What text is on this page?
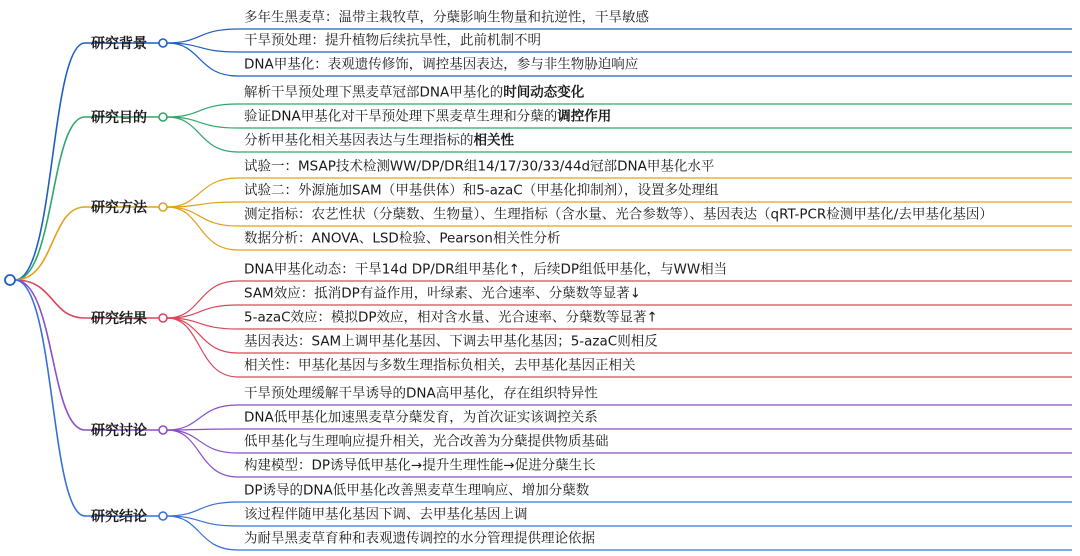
研究背景
多年生黑麦草：温带主栽牧草，分蘖影响生物量和抗逆性，干旱敏感
干旱预处理：提升植物后续抗旱性，此前机制不明
DNA甲基化：表观遗传修饰，调控基因表达，参与非生物胁迫响应
研究目的
解析干旱预处理下黑麦草冠部DNA甲基化的时间动态变化
验证DNA甲基化对干旱预处理下黑麦草生理和分蘖的调控作用
分析甲基化相关基因表达与生理指标的相关性
研究方法
试验一：MSAP技术检测WW/DP/DR组14/17/30/33/44d冠部DNA甲基化水平
试验二：外源施加SAM（甲基供体）和5-azaC（甲基化抑制剂），设置多处理组
测定指标：农艺性状（分蘖数、生物量）、生理指标（含水量、光合参数等）、基因表达（qRT-PCR检测甲基化/去甲基化基因）
数据分析：ANOVA、LSD检验、Pearson相关性分析
研究结果
DNA甲基化动态：干旱14d DP/DR组甲基化↑，后续DP组低甲基化，与WW相当
SAM效应：抵消DP有益作用，叶绿素、光合速率、分蘖数等显著↓
5-azaC效应：模拟DP效应，相对含水量、光合速率、分蘖数等显著↑
基因表达：SAM上调甲基化基因、下调去甲基化基因；5-azaC则相反
相关性：甲基化基因与多数生理指标负相关，去甲基化基因正相关
研究讨论
干旱预处理缓解干旱诱导的DNA高甲基化，存在组织特异性
DNA低甲基化加速黑麦草分蘖发育，为首次证实该调控关系
低甲基化与生理响应提升相关，光合改善为分蘖提供物质基础
构建模型：DP诱导低甲基化→提升生理性能→促进分蘖生长
研究结论
DP诱导的DNA低甲基化改善黑麦草生理响应、增加分蘖数
该过程伴随甲基化基因下调、去甲基化基因上调
为耐旱黑麦草育种和表观遗传调控的水分管理提供理论依据
